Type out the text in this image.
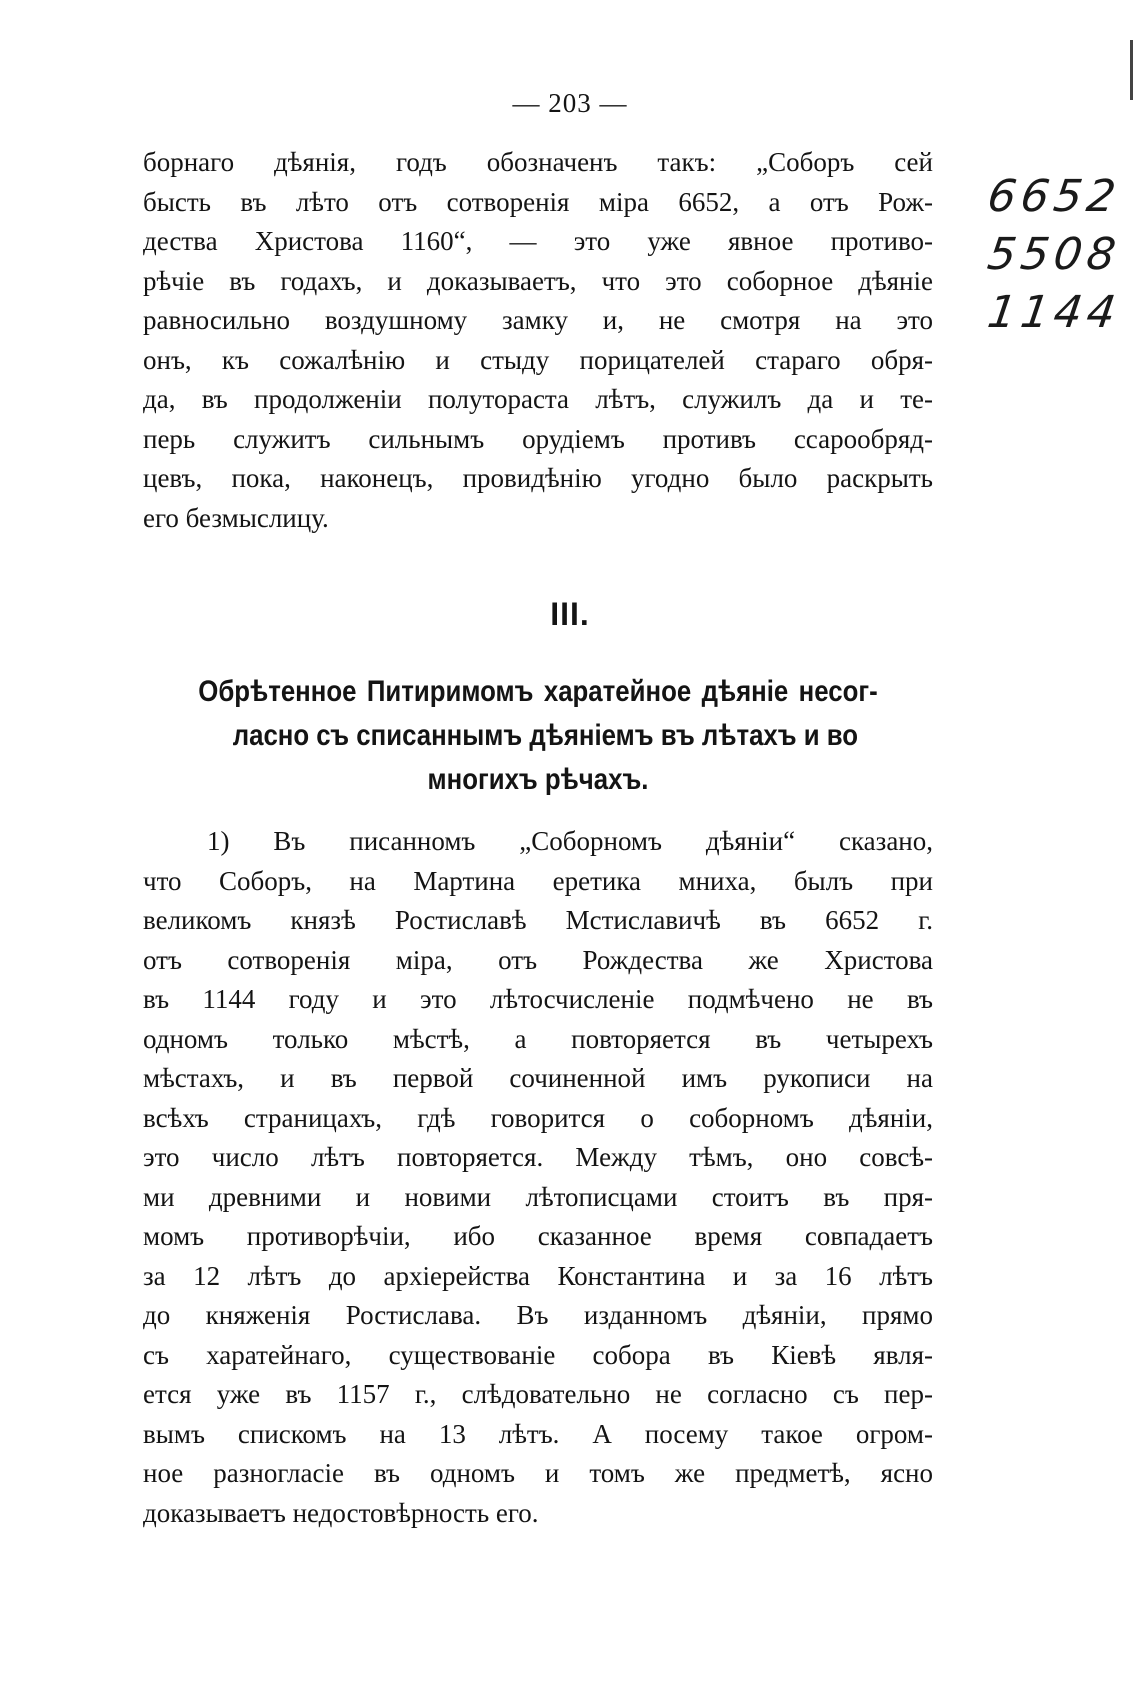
— 203 —
борнаго дѣянія, годъ обозначенъ такъ: „Соборъ сей
бысть въ лѣто отъ сотворенія міра 6652, а отъ Рож-
дества Христова 1160“, — это уже явное противо-
рѣчіе въ годахъ, и доказываетъ, что это соборное дѣяніе
равносильно воздушному замку и, не смотря на это
онъ, къ сожалѣнію и стыду порицателей стараго обря-
да, въ продолженіи полутораста лѣтъ, служилъ да и те-
перь служитъ сильнымъ орудіемъ противъ ссарообряд-
цевъ, пока, наконецъ, провидѣнію угодно было раскрыть
его безмыслицу.
III.
Обрѣтенное Питиримомъ харатейное дѣяніе несог-
ласно съ списаннымъ дѣяніемъ въ лѣтахъ и во
многихъ рѣчахъ.
1) Въ писанномъ „Соборномъ дѣяніи“ сказано,
что Соборъ, на Мартина еретика мниха, былъ при
великомъ князѣ Ростиславѣ Мстиславичѣ въ 6652 г.
отъ сотворенія міра, отъ Рождества же Христова
въ 1144 году и это лѣтосчисленіе подмѣчено не въ
одномъ только мѣстѣ, а повторяется въ четырехъ
мѣстахъ, и въ первой сочиненной имъ рукописи на
всѣхъ страницахъ, гдѣ говорится о соборномъ дѣяніи,
это число лѣтъ повторяется. Между тѣмъ, оно совсѣ-
ми древними и новими лѣтописцами стоитъ въ пря-
момъ противорѣчіи, ибо сказанное время совпадаетъ
за 12 лѣтъ до архіерейства Константина и за 16 лѣтъ
до княженія Ростислава. Въ изданномъ дѣяніи, прямо
съ харатейнаго, существованіе собора въ Кіевѣ явля-
ется уже въ 1157 г., слѣдовательно не согласно съ пер-
вымъ спискомъ на 13 лѣтъ. А посему такое огром-
ное разногласіе въ одномъ и томъ же предметѣ, ясно
доказываетъ недостовѣрность его.
6652
5508
1144
